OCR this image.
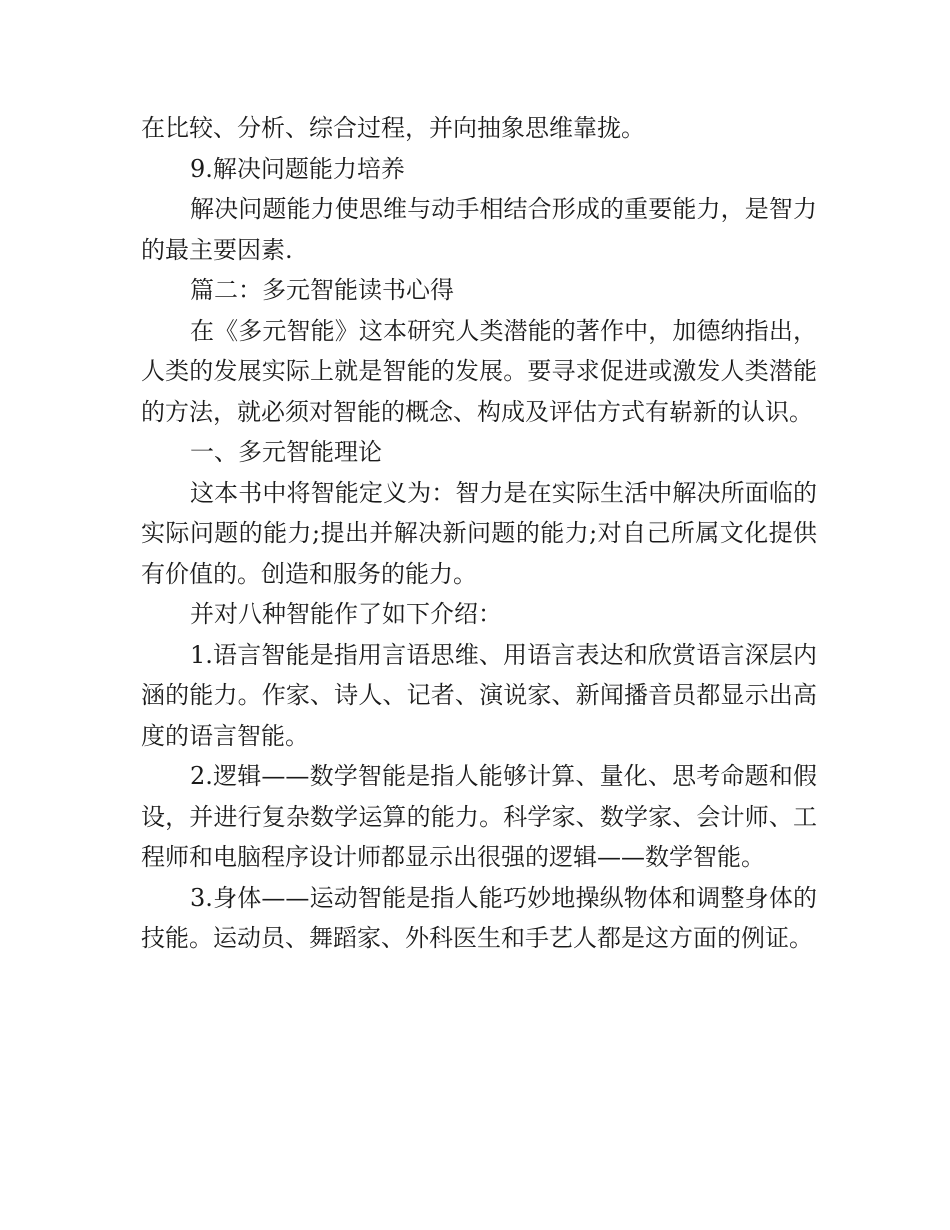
在比较、分析、综合过程，并向抽象思维靠拢。

9.解决问题能力培养

解决问题能力使思维与动手相结合形成的重要能力，是智力的最主要因素.

篇二：多元智能读书心得

在《多元智能》这本研究人类潜能的著作中，加德纳指出，人类的发展实际上就是智能的发展。要寻求促进或激发人类潜能的方法，就必须对智能的概念、构成及评估方式有崭新的认识。

一、多元智能理论

这本书中将智能定义为：智力是在实际生活中解决所面临的实际问题的能力;提出并解决新问题的能力;对自己所属文化提供有价值的。创造和服务的能力。

并对八种智能作了如下介绍：

1.语言智能是指用言语思维、用语言表达和欣赏语言深层内涵的能力。作家、诗人、记者、演说家、新闻播音员都显示出高度的语言智能。

2.逻辑——数学智能是指人能够计算、量化、思考命题和假设，并进行复杂数学运算的能力。科学家、数学家、会计师、工程师和电脑程序设计师都显示出很强的逻辑——数学智能。

3.身体——运动智能是指人能巧妙地操纵物体和调整身体的技能。运动员、舞蹈家、外科医生和手艺人都是这方面的例证。
